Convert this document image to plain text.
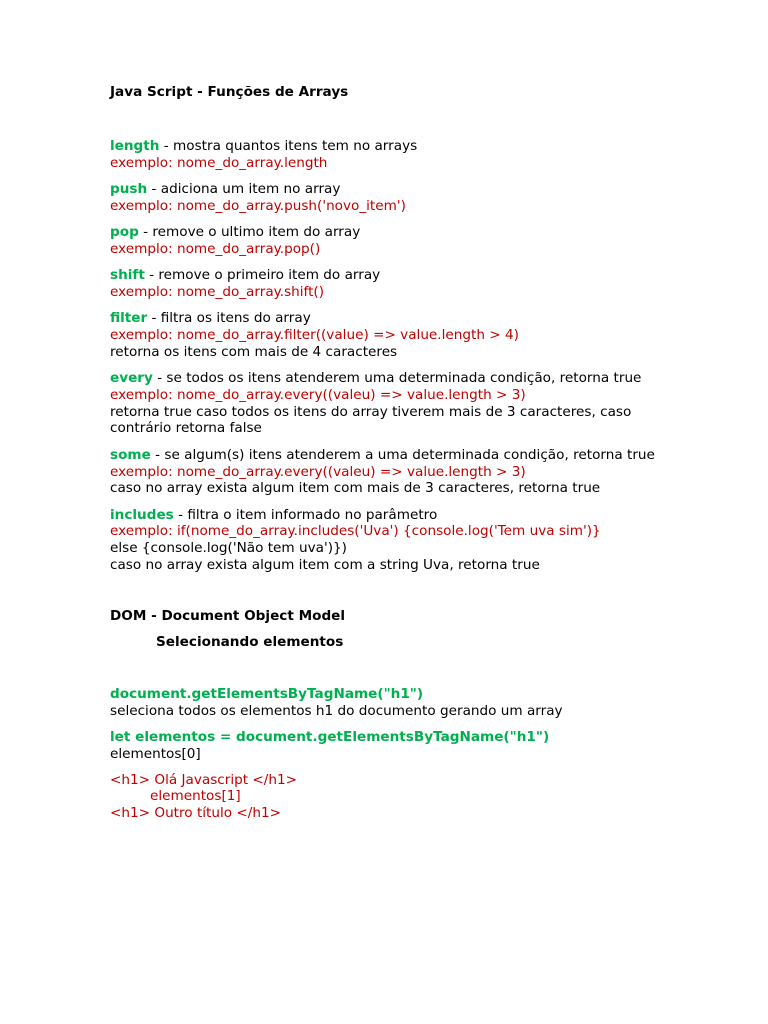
Java Script - Funções de Arrays

length - mostra quantos itens tem no arrays
exemplo: nome_do_array.length
push - adiciona um item no array
exemplo: nome_do_array.push('novo_item')
pop - remove o ultimo item do array
exemplo: nome_do_array.pop()
shift - remove o primeiro item do array
exemplo: nome_do_array.shift()
filter - filtra os itens do array
exemplo: nome_do_array.filter((value) => value.length > 4)
retorna os itens com mais de 4 caracteres
every - se todos os itens atenderem uma determinada condição, retorna true
exemplo: nome_do_array.every((valeu) => value.length > 3)
retorna true caso todos os itens do array tiverem mais de 3 caracteres, caso contrário retorna false
some - se algum(s) itens atenderem a uma determinada condição, retorna true
exemplo: nome_do_array.every((valeu) => value.length > 3)
caso no array exista algum item com mais de 3 caracteres, retorna true
includes - filtra o item informado no parâmetro
exemplo: if(nome_do_array.includes('Uva') {console.log('Tem uva sim')}
else {console.log('Não tem uva')})
caso no array exista algum item com a string Uva, retorna true

DOM - Document Object Model

Selecionando elementos

document.getElementsByTagName("h1")

seleciona todos os elementos h1 do documento gerando um array

let elementos = document.getElementsByTagName("h1")

elementos[0]

<h1> Olá Javascript </h1>

elementos[1]

<h1> Outro título </h1>
